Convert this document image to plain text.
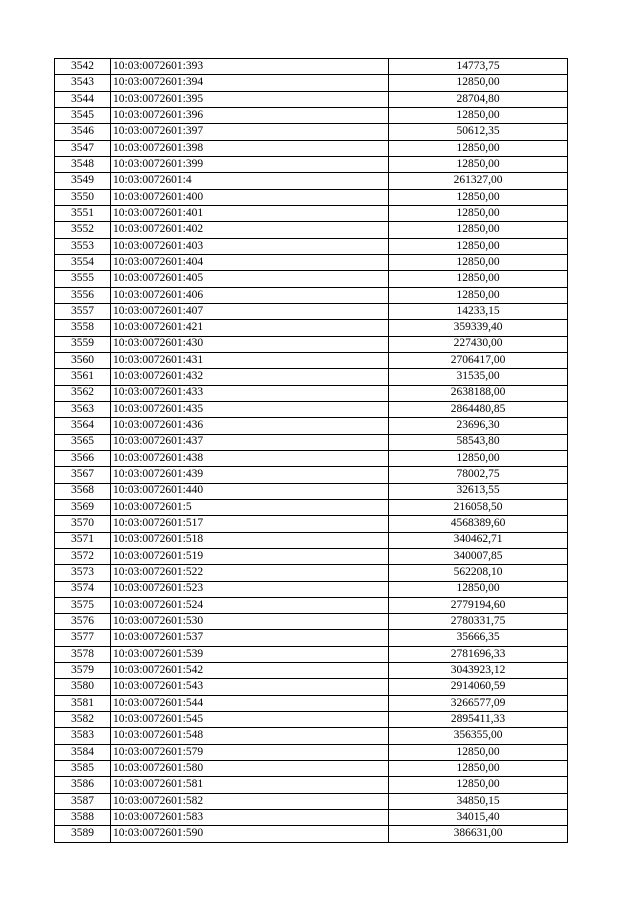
3542	10:03:0072601:393	14773,75
3543	10:03:0072601:394	12850,00
3544	10:03:0072601:395	28704,80
3545	10:03:0072601:396	12850,00
3546	10:03:0072601:397	50612,35
3547	10:03:0072601:398	12850,00
3548	10:03:0072601:399	12850,00
3549	10:03:0072601:4	261327,00
3550	10:03:0072601:400	12850,00
3551	10:03:0072601:401	12850,00
3552	10:03:0072601:402	12850,00
3553	10:03:0072601:403	12850,00
3554	10:03:0072601:404	12850,00
3555	10:03:0072601:405	12850,00
3556	10:03:0072601:406	12850,00
3557	10:03:0072601:407	14233,15
3558	10:03:0072601:421	359339,40
3559	10:03:0072601:430	227430,00
3560	10:03:0072601:431	2706417,00
3561	10:03:0072601:432	31535,00
3562	10:03:0072601:433	2638188,00
3563	10:03:0072601:435	2864480,85
3564	10:03:0072601:436	23696,30
3565	10:03:0072601:437	58543,80
3566	10:03:0072601:438	12850,00
3567	10:03:0072601:439	78002,75
3568	10:03:0072601:440	32613,55
3569	10:03:0072601:5	216058,50
3570	10:03:0072601:517	4568389,60
3571	10:03:0072601:518	340462,71
3572	10:03:0072601:519	340007,85
3573	10:03:0072601:522	562208,10
3574	10:03:0072601:523	12850,00
3575	10:03:0072601:524	2779194,60
3576	10:03:0072601:530	2780331,75
3577	10:03:0072601:537	35666,35
3578	10:03:0072601:539	2781696,33
3579	10:03:0072601:542	3043923,12
3580	10:03:0072601:543	2914060,59
3581	10:03:0072601:544	3266577,09
3582	10:03:0072601:545	2895411,33
3583	10:03:0072601:548	356355,00
3584	10:03:0072601:579	12850,00
3585	10:03:0072601:580	12850,00
3586	10:03:0072601:581	12850,00
3587	10:03:0072601:582	34850,15
3588	10:03:0072601:583	34015,40
3589	10:03:0072601:590	386631,00
